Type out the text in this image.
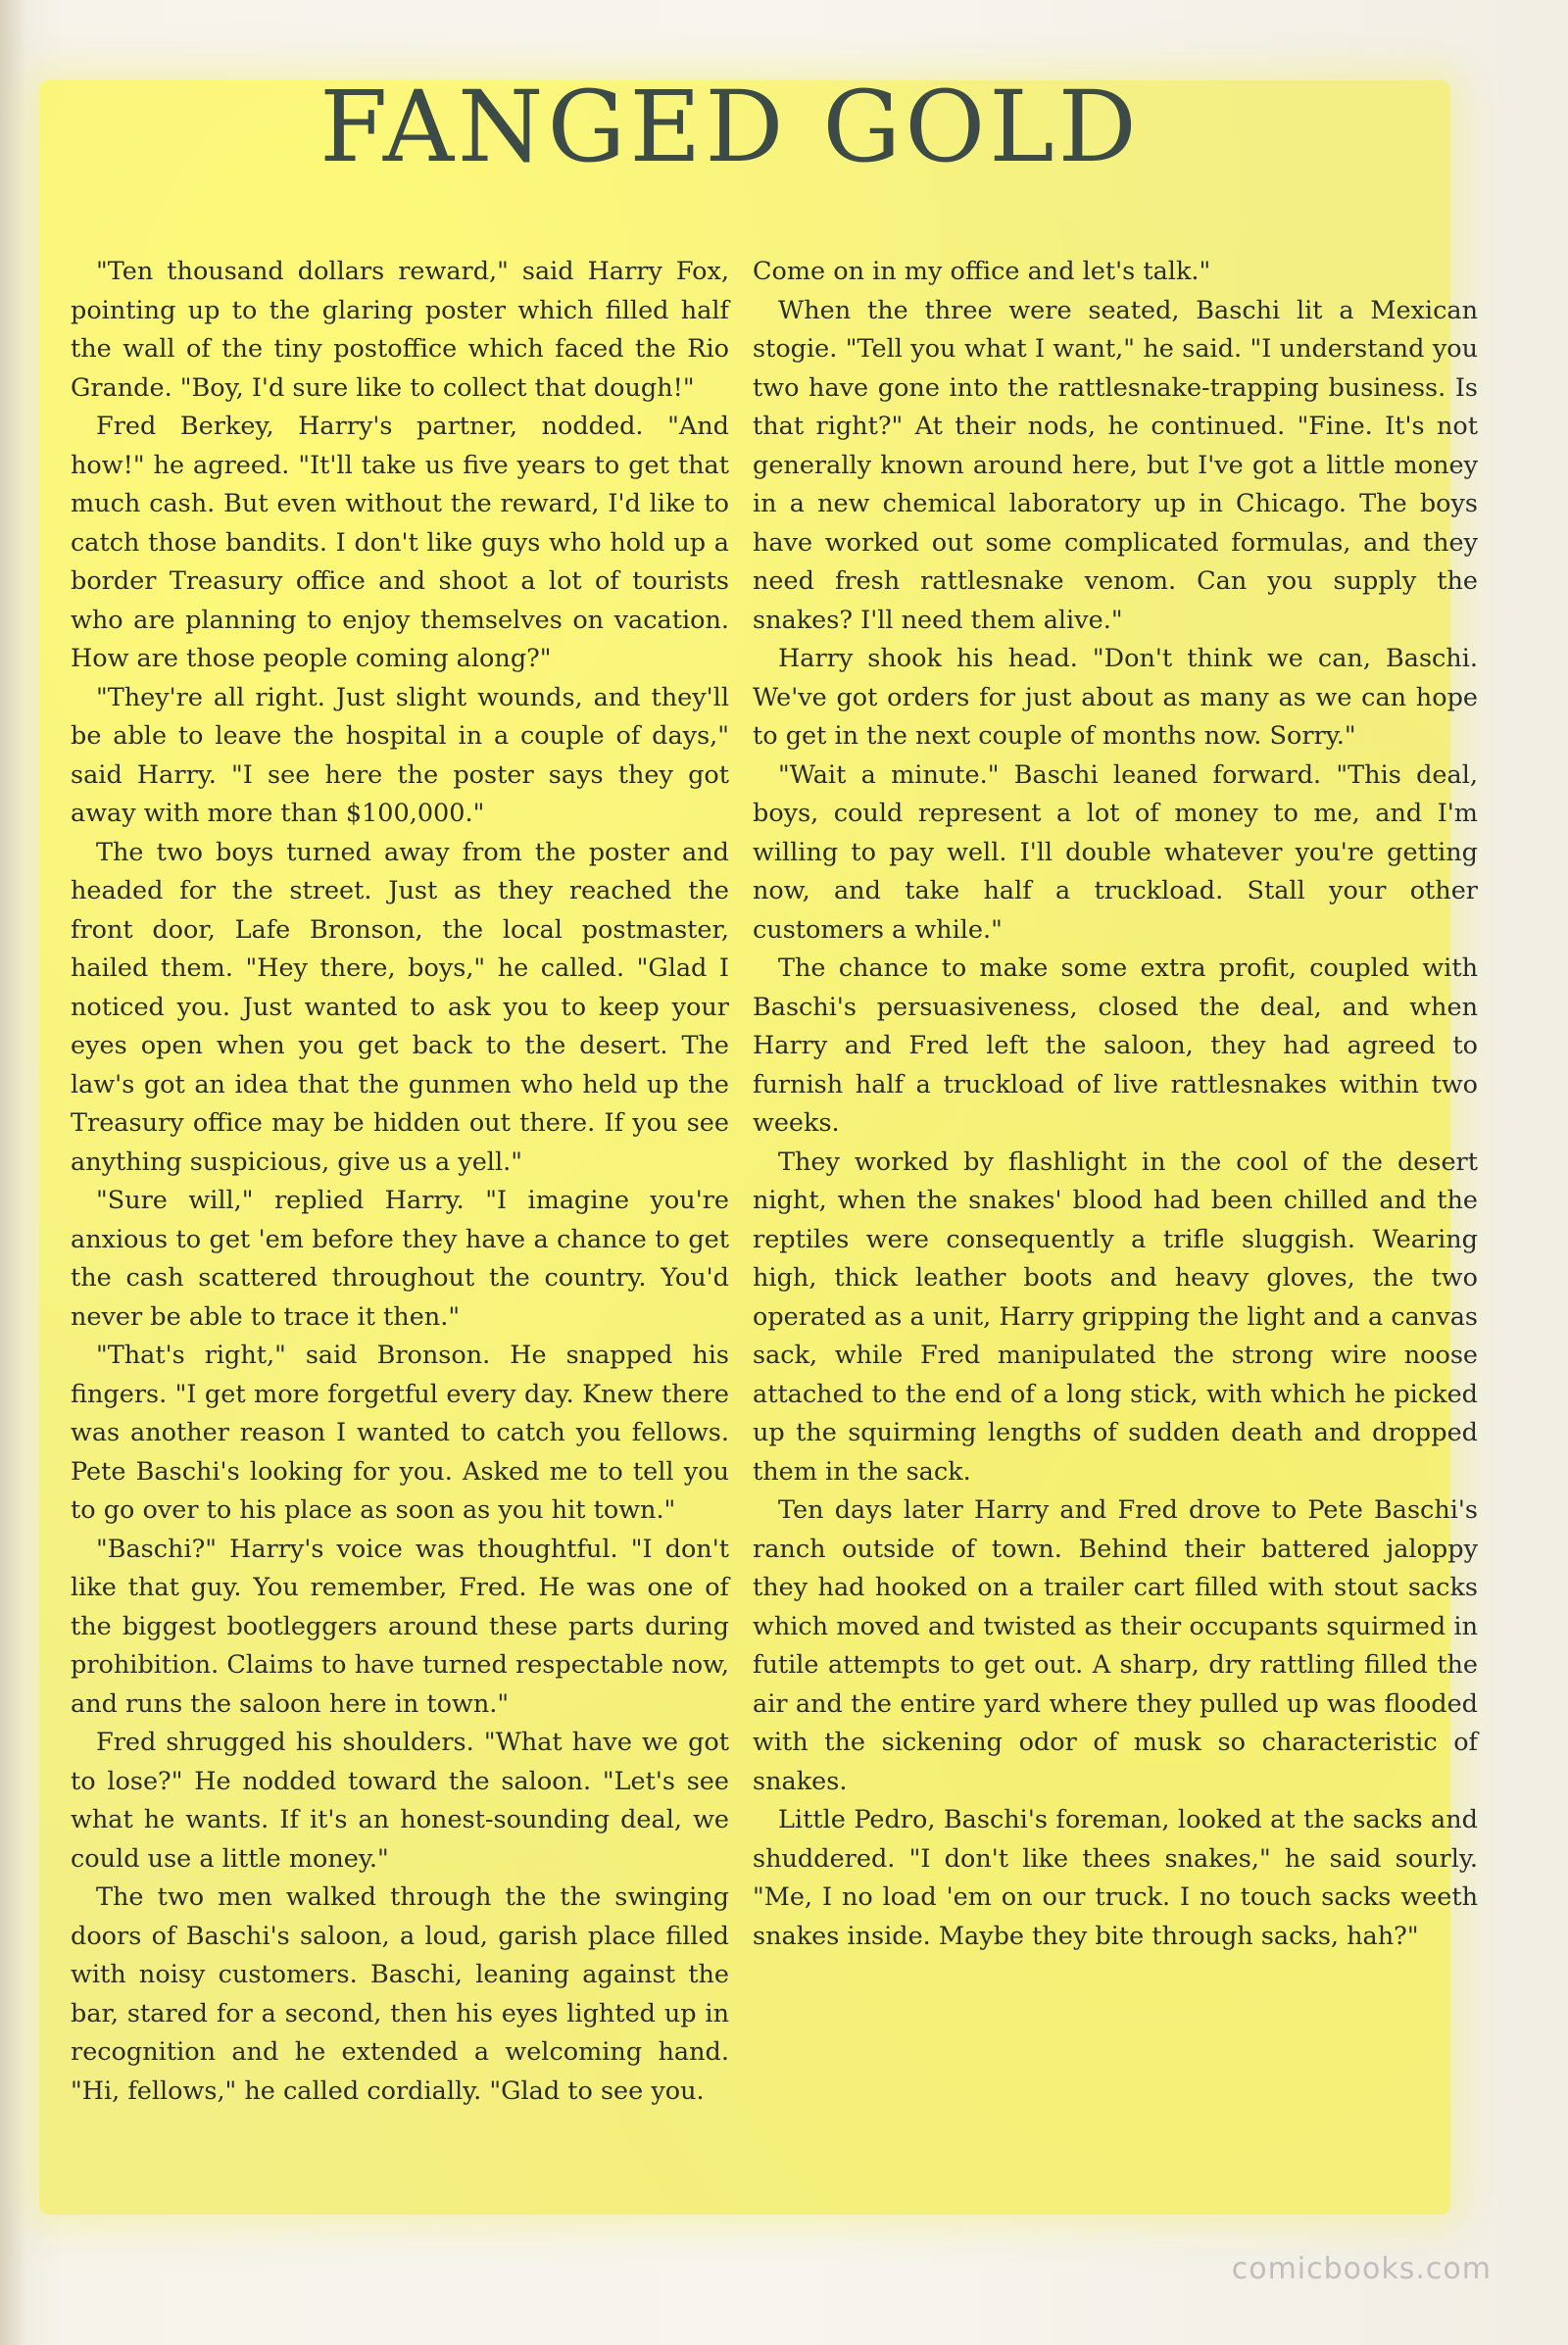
FANGED GOLD

"Ten thousand dollars reward," said Harry Fox, pointing up to the glaring poster which filled half the wall of the tiny postoffice which faced the Rio Grande. "Boy, I'd sure like to collect that dough!"

Fred Berkey, Harry's partner, nodded. "And how!" he agreed. "It'll take us five years to get that much cash. But even without the reward, I'd like to catch those bandits. I don't like guys who hold up a border Treasury office and shoot a lot of tourists who are planning to enjoy themselves on vacation. How are those people coming along?"

"They're all right. Just slight wounds, and they'll be able to leave the hospital in a couple of days," said Harry. "I see here the poster says they got away with more than $100,000."

The two boys turned away from the poster and headed for the street. Just as they reached the front door, Lafe Bronson, the local postmaster, hailed them. "Hey there, boys," he called. "Glad I noticed you. Just wanted to ask you to keep your eyes open when you get back to the desert. The law's got an idea that the gunmen who held up the Treasury office may be hidden out there. If you see anything suspicious, give us a yell."

"Sure will," replied Harry. "I imagine you're anxious to get 'em before they have a chance to get the cash scattered throughout the country. You'd never be able to trace it then."

"That's right," said Bronson. He snapped his fingers. "I get more forgetful every day. Knew there was another reason I wanted to catch you fellows. Pete Baschi's looking for you. Asked me to tell you to go over to his place as soon as you hit town."

"Baschi?" Harry's voice was thoughtful. "I don't like that guy. You remember, Fred. He was one of the biggest bootleggers around these parts during prohibition. Claims to have turned respectable now, and runs the saloon here in town."

Fred shrugged his shoulders. "What have we got to lose?" He nodded toward the saloon. "Let's see what he wants. If it's an honest-sounding deal, we could use a little money."

The two men walked through the the swinging doors of Baschi's saloon, a loud, garish place filled with noisy customers. Baschi, leaning against the bar, stared for a second, then his eyes lighted up in recognition and he extended a welcoming hand. "Hi, fellows," he called cordially. "Glad to see you.

Come on in my office and let's talk."

When the three were seated, Baschi lit a Mexican stogie. "Tell you what I want," he said. "I understand you two have gone into the rattlesnake-trapping business. Is that right?" At their nods, he continued. "Fine. It's not generally known around here, but I've got a little money in a new chemical laboratory up in Chicago. The boys have worked out some complicated formulas, and they need fresh rattlesnake venom. Can you supply the snakes? I'll need them alive."

Harry shook his head. "Don't think we can, Baschi. We've got orders for just about as many as we can hope to get in the next couple of months now. Sorry."

"Wait a minute." Baschi leaned forward. "This deal, boys, could represent a lot of money to me, and I'm willing to pay well. I'll double whatever you're getting now, and take half a truckload. Stall your other customers a while."

The chance to make some extra profit, coupled with Baschi's persuasiveness, closed the deal, and when Harry and Fred left the saloon, they had agreed to furnish half a truckload of live rattlesnakes within two weeks.

They worked by flashlight in the cool of the desert night, when the snakes' blood had been chilled and the reptiles were consequently a trifle sluggish. Wearing high, thick leather boots and heavy gloves, the two operated as a unit, Harry gripping the light and a canvas sack, while Fred manipulated the strong wire noose attached to the end of a long stick, with which he picked up the squirming lengths of sudden death and dropped them in the sack.

Ten days later Harry and Fred drove to Pete Baschi's ranch outside of town. Behind their battered jaloppy they had hooked on a trailer cart filled with stout sacks which moved and twisted as their occupants squirmed in futile attempts to get out. A sharp, dry rattling filled the air and the entire yard where they pulled up was flooded with the sickening odor of musk so characteristic of snakes.

Little Pedro, Baschi's foreman, looked at the sacks and shuddered. "I don't like thees snakes," he said sourly. "Me, I no load 'em on our truck. I no touch sacks weeth snakes inside. Maybe they bite through sacks, hah?"

comicbooks.com
